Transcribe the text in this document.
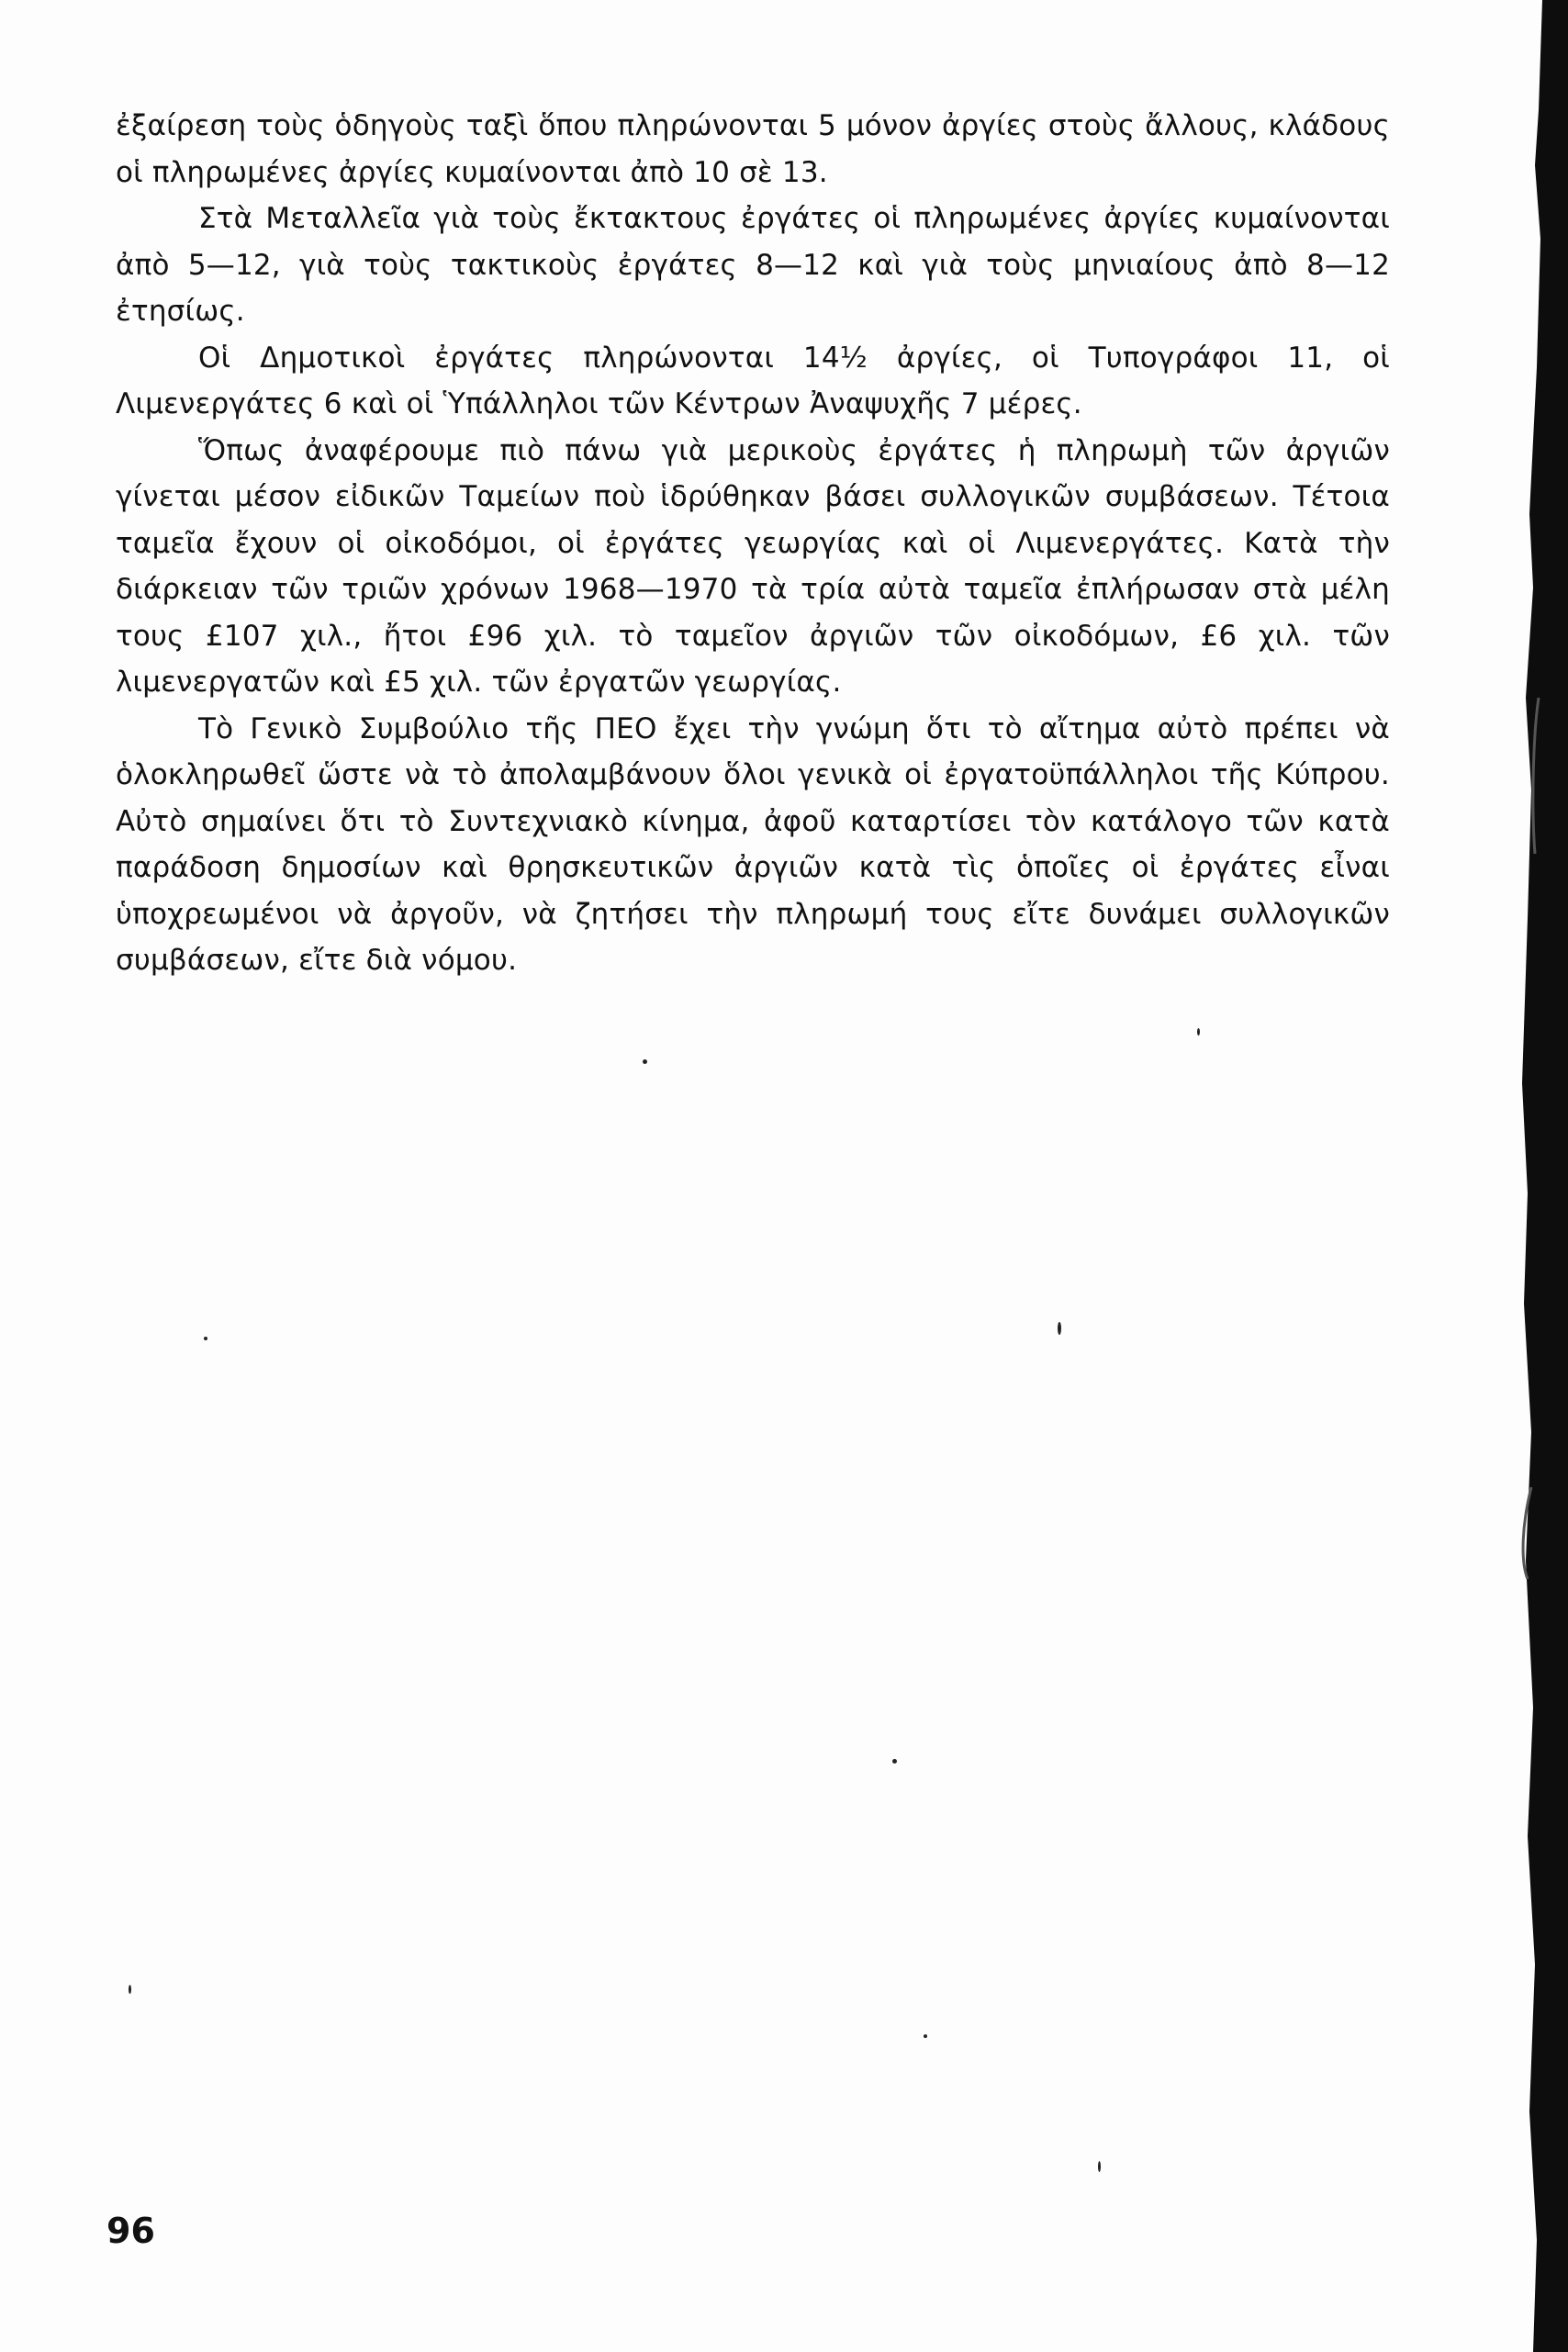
ἐξαίρεση τοὺς ὁδηγοὺς ταξὶ ὅπου πληρώνονται 5 μόνον ἀργίες στοὺς ἄλλους, κλάδους οἱ πληρωμένες ἀργίες κυμαίνονται ἀπὸ 10 σὲ 13.

Στὰ Μεταλλεῖα γιὰ τοὺς ἔκτακτους ἐργάτες οἱ πληρωμένες ἀργίες κυμαίνονται ἀπὸ 5—12, γιὰ τοὺς τακτικοὺς ἐργάτες 8—12 καὶ γιὰ τοὺς μηνιαίους ἀπὸ 8—12 ἐτησίως.

Οἱ Δημοτικοὶ ἐργάτες πληρώνονται 14½ ἀργίες, οἱ Τυπογράφοι 11, οἱ Λιμενεργάτες 6 καὶ οἱ Ὑπάλληλοι τῶν Κέντρων Ἀναψυχῆς 7 μέρες.

Ὅπως ἀναφέρουμε πιὸ πάνω γιὰ μερικοὺς ἐργάτες ἡ πληρωμὴ τῶν ἀργιῶν γίνεται μέσον εἰδικῶν Ταμείων ποὺ ἱδρύθηκαν βάσει συλλογικῶν συμβάσεων. Τέτοια ταμεῖα ἔχουν οἱ οἰκοδόμοι, οἱ ἐργάτες γεωργίας καὶ οἱ Λιμενεργάτες. Κατὰ τὴν διάρκειαν τῶν τριῶν χρόνων 1968—1970 τὰ τρία αὐτὰ ταμεῖα ἐπλήρωσαν στὰ μέλη τους £107 χιλ., ἤτοι £96 χιλ. τὸ ταμεῖον ἀργιῶν τῶν οἰκοδόμων, £6 χιλ. τῶν λιμενεργατῶν καὶ £5 χιλ. τῶν ἐργατῶν γεωργίας.

Τὸ Γενικὸ Συμβούλιο τῆς ΠΕΟ ἔχει τὴν γνώμη ὅτι τὸ αἴτημα αὐτὸ πρέπει νὰ ὁλοκληρωθεῖ ὥστε νὰ τὸ ἀπολαμβάνουν ὅλοι γενικὰ οἱ ἐργατοϋπάλληλοι τῆς Κύπρου. Αὐτὸ σημαίνει ὅτι τὸ Συντεχνιακὸ κίνημα, ἀφοῦ καταρτίσει τὸν κατάλογο τῶν κατὰ παράδοση δημοσίων καὶ θρησκευτικῶν ἀργιῶν κατὰ τὶς ὁποῖες οἱ ἐργάτες εἶναι ὑποχρεωμένοι νὰ ἀργοῦν, νὰ ζητήσει τὴν πληρωμή τους εἴτε δυνάμει συλλογικῶν συμβάσεων, εἴτε διὰ νόμου.

96
